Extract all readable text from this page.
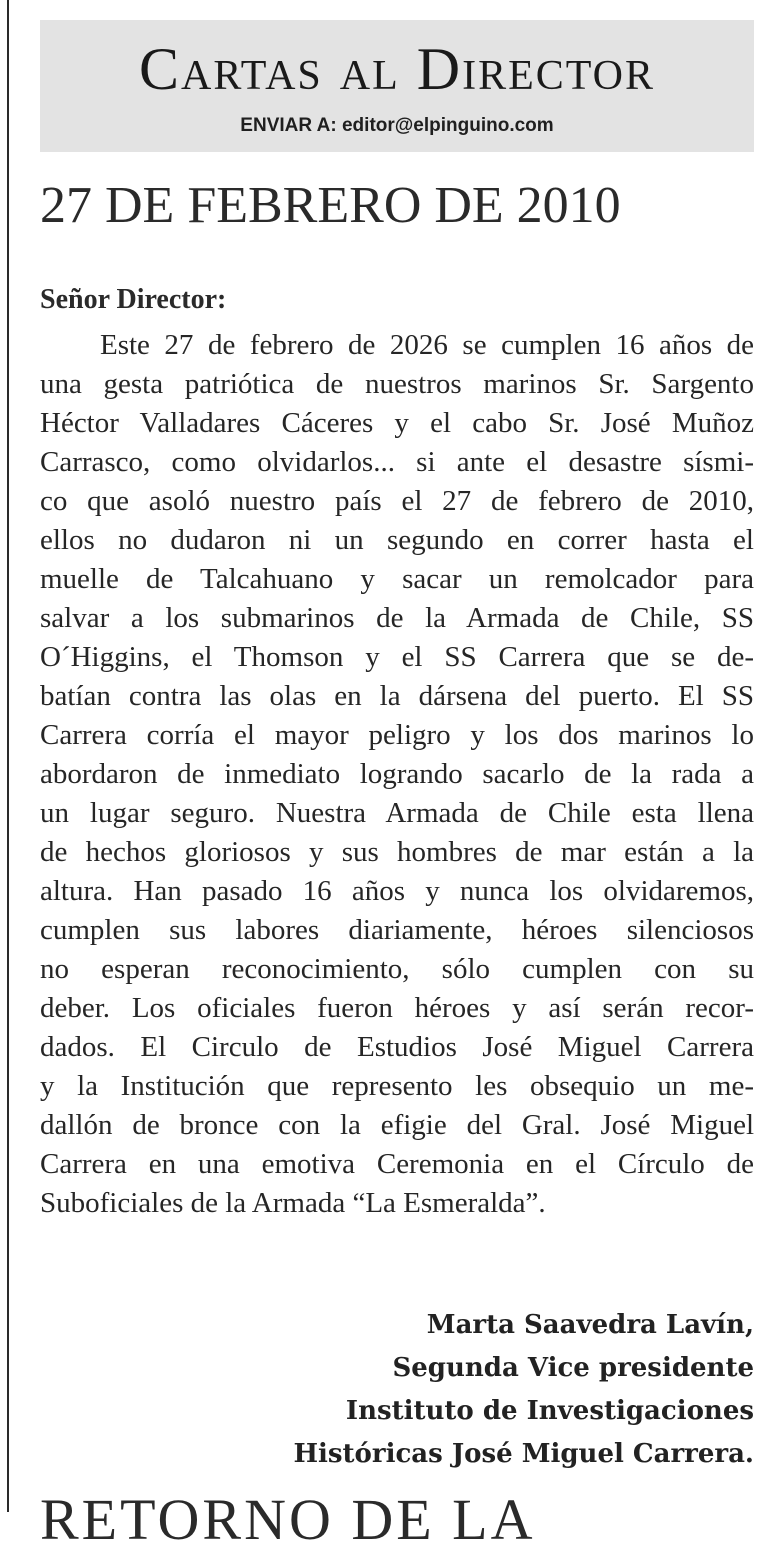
Cartas al Director
ENVIAR A: editor@elpinguino.com
27 DE FEBRERO DE 2010
Señor Director:
Este 27 de febrero de 2026 se cumplen 16 años de
una gesta patriótica de nuestros marinos Sr. Sargento
Héctor Valladares Cáceres y el cabo Sr. José Muñoz
Carrasco, como olvidarlos... si ante el desastre sísmi-
co que asoló nuestro país el 27 de febrero de 2010,
ellos no dudaron ni un segundo en correr hasta el
muelle de Talcahuano y sacar un remolcador para
salvar a los submarinos de la Armada de Chile, SS
O´Higgins, el Thomson y el SS Carrera que se de-
batían contra las olas en la dársena del puerto. El SS
Carrera corría el mayor peligro y los dos marinos lo
abordaron de inmediato logrando sacarlo de la rada a
un lugar seguro. Nuestra Armada de Chile esta llena
de hechos gloriosos y sus hombres de mar están a la
altura. Han pasado 16 años y nunca los olvidaremos,
cumplen sus labores diariamente, héroes silenciosos
no esperan reconocimiento, sólo cumplen con su
deber. Los oficiales fueron héroes y así serán recor-
dados. El Circulo de Estudios José Miguel Carrera
y la Institución que represento les obsequio un me-
dallón de bronce con la efigie del Gral. José Miguel
Carrera en una emotiva Ceremonia en el Círculo de
Suboficiales de la Armada “La Esmeralda”.
Marta Saavedra Lavín,
Segunda Vice presidente
Instituto de Investigaciones
Históricas José Miguel Carrera.
RETORNO DE LA
